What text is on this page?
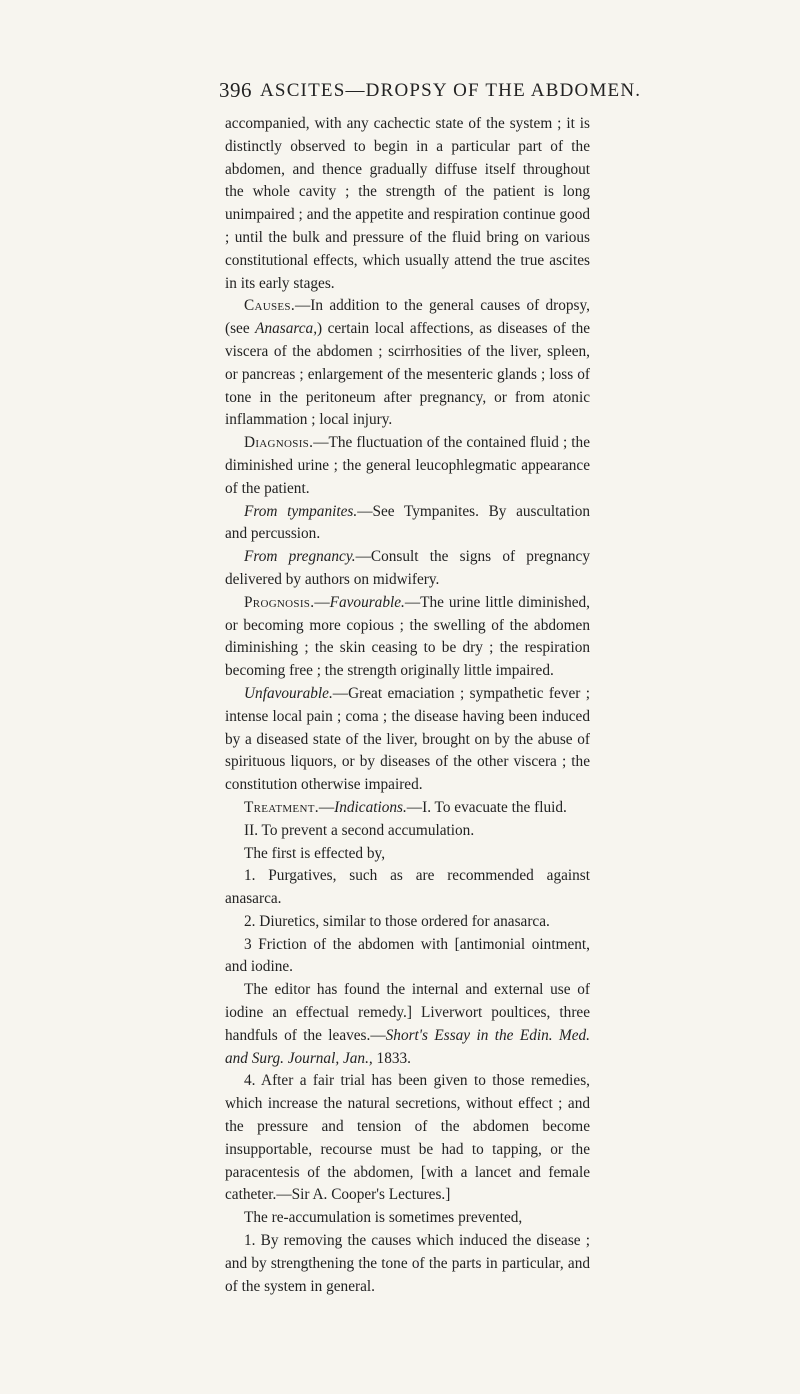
396 ASCITES—DROPSY OF THE ABDOMEN.

accompanied, with any cachectic state of the system ; it is distinctly observed to begin in a particular part of the abdomen, and thence gradually diffuse itself throughout the whole cavity ; the strength of the patient is long unimpaired ; and the appetite and respiration continue good ; until the bulk and pressure of the fluid bring on various constitutional effects, which usually attend the true ascites in its early stages.

Causes.—In addition to the general causes of dropsy, (see Anasarca,) certain local affections, as diseases of the viscera of the abdomen ; scirrhosities of the liver, spleen, or pancreas ; enlargement of the mesenteric glands ; loss of tone in the peritoneum after pregnancy, or from atonic inflammation ; local injury.

Diagnosis.—The fluctuation of the contained fluid ; the diminished urine ; the general leucophlegmatic appearance of the patient.

From tympanites.—See Tympanites. By auscultation and percussion.

From pregnancy.—Consult the signs of pregnancy delivered by authors on midwifery.

Prognosis.—Favourable.—The urine little diminished, or becoming more copious ; the swelling of the abdomen diminishing ; the skin ceasing to be dry ; the respiration becoming free ; the strength originally little impaired.

Unfavourable.—Great emaciation ; sympathetic fever ; intense local pain ; coma ; the disease having been induced by a diseased state of the liver, brought on by the abuse of spirituous liquors, or by diseases of the other viscera ; the constitution otherwise impaired.

Treatment.—Indications.—I. To evacuate the fluid.

II. To prevent a second accumulation.

The first is effected by,

1. Purgatives, such as are recommended against anasarca.

2. Diuretics, similar to those ordered for anasarca.

3 Friction of the abdomen with [antimonial ointment, and iodine.

The editor has found the internal and external use of iodine an effectual remedy.] Liverwort poultices, three handfuls of the leaves.—Short's Essay in the Edin. Med. and Surg. Journal, Jan., 1833.

4. After a fair trial has been given to those remedies, which increase the natural secretions, without effect ; and the pressure and tension of the abdomen become insupportable, recourse must be had to tapping, or the paracentesis of the abdomen, [with a lancet and female catheter.—Sir A. Cooper's Lectures.]

The re-accumulation is sometimes prevented,

1. By removing the causes which induced the disease ; and by strengthening the tone of the parts in particular, and of the system in general.
